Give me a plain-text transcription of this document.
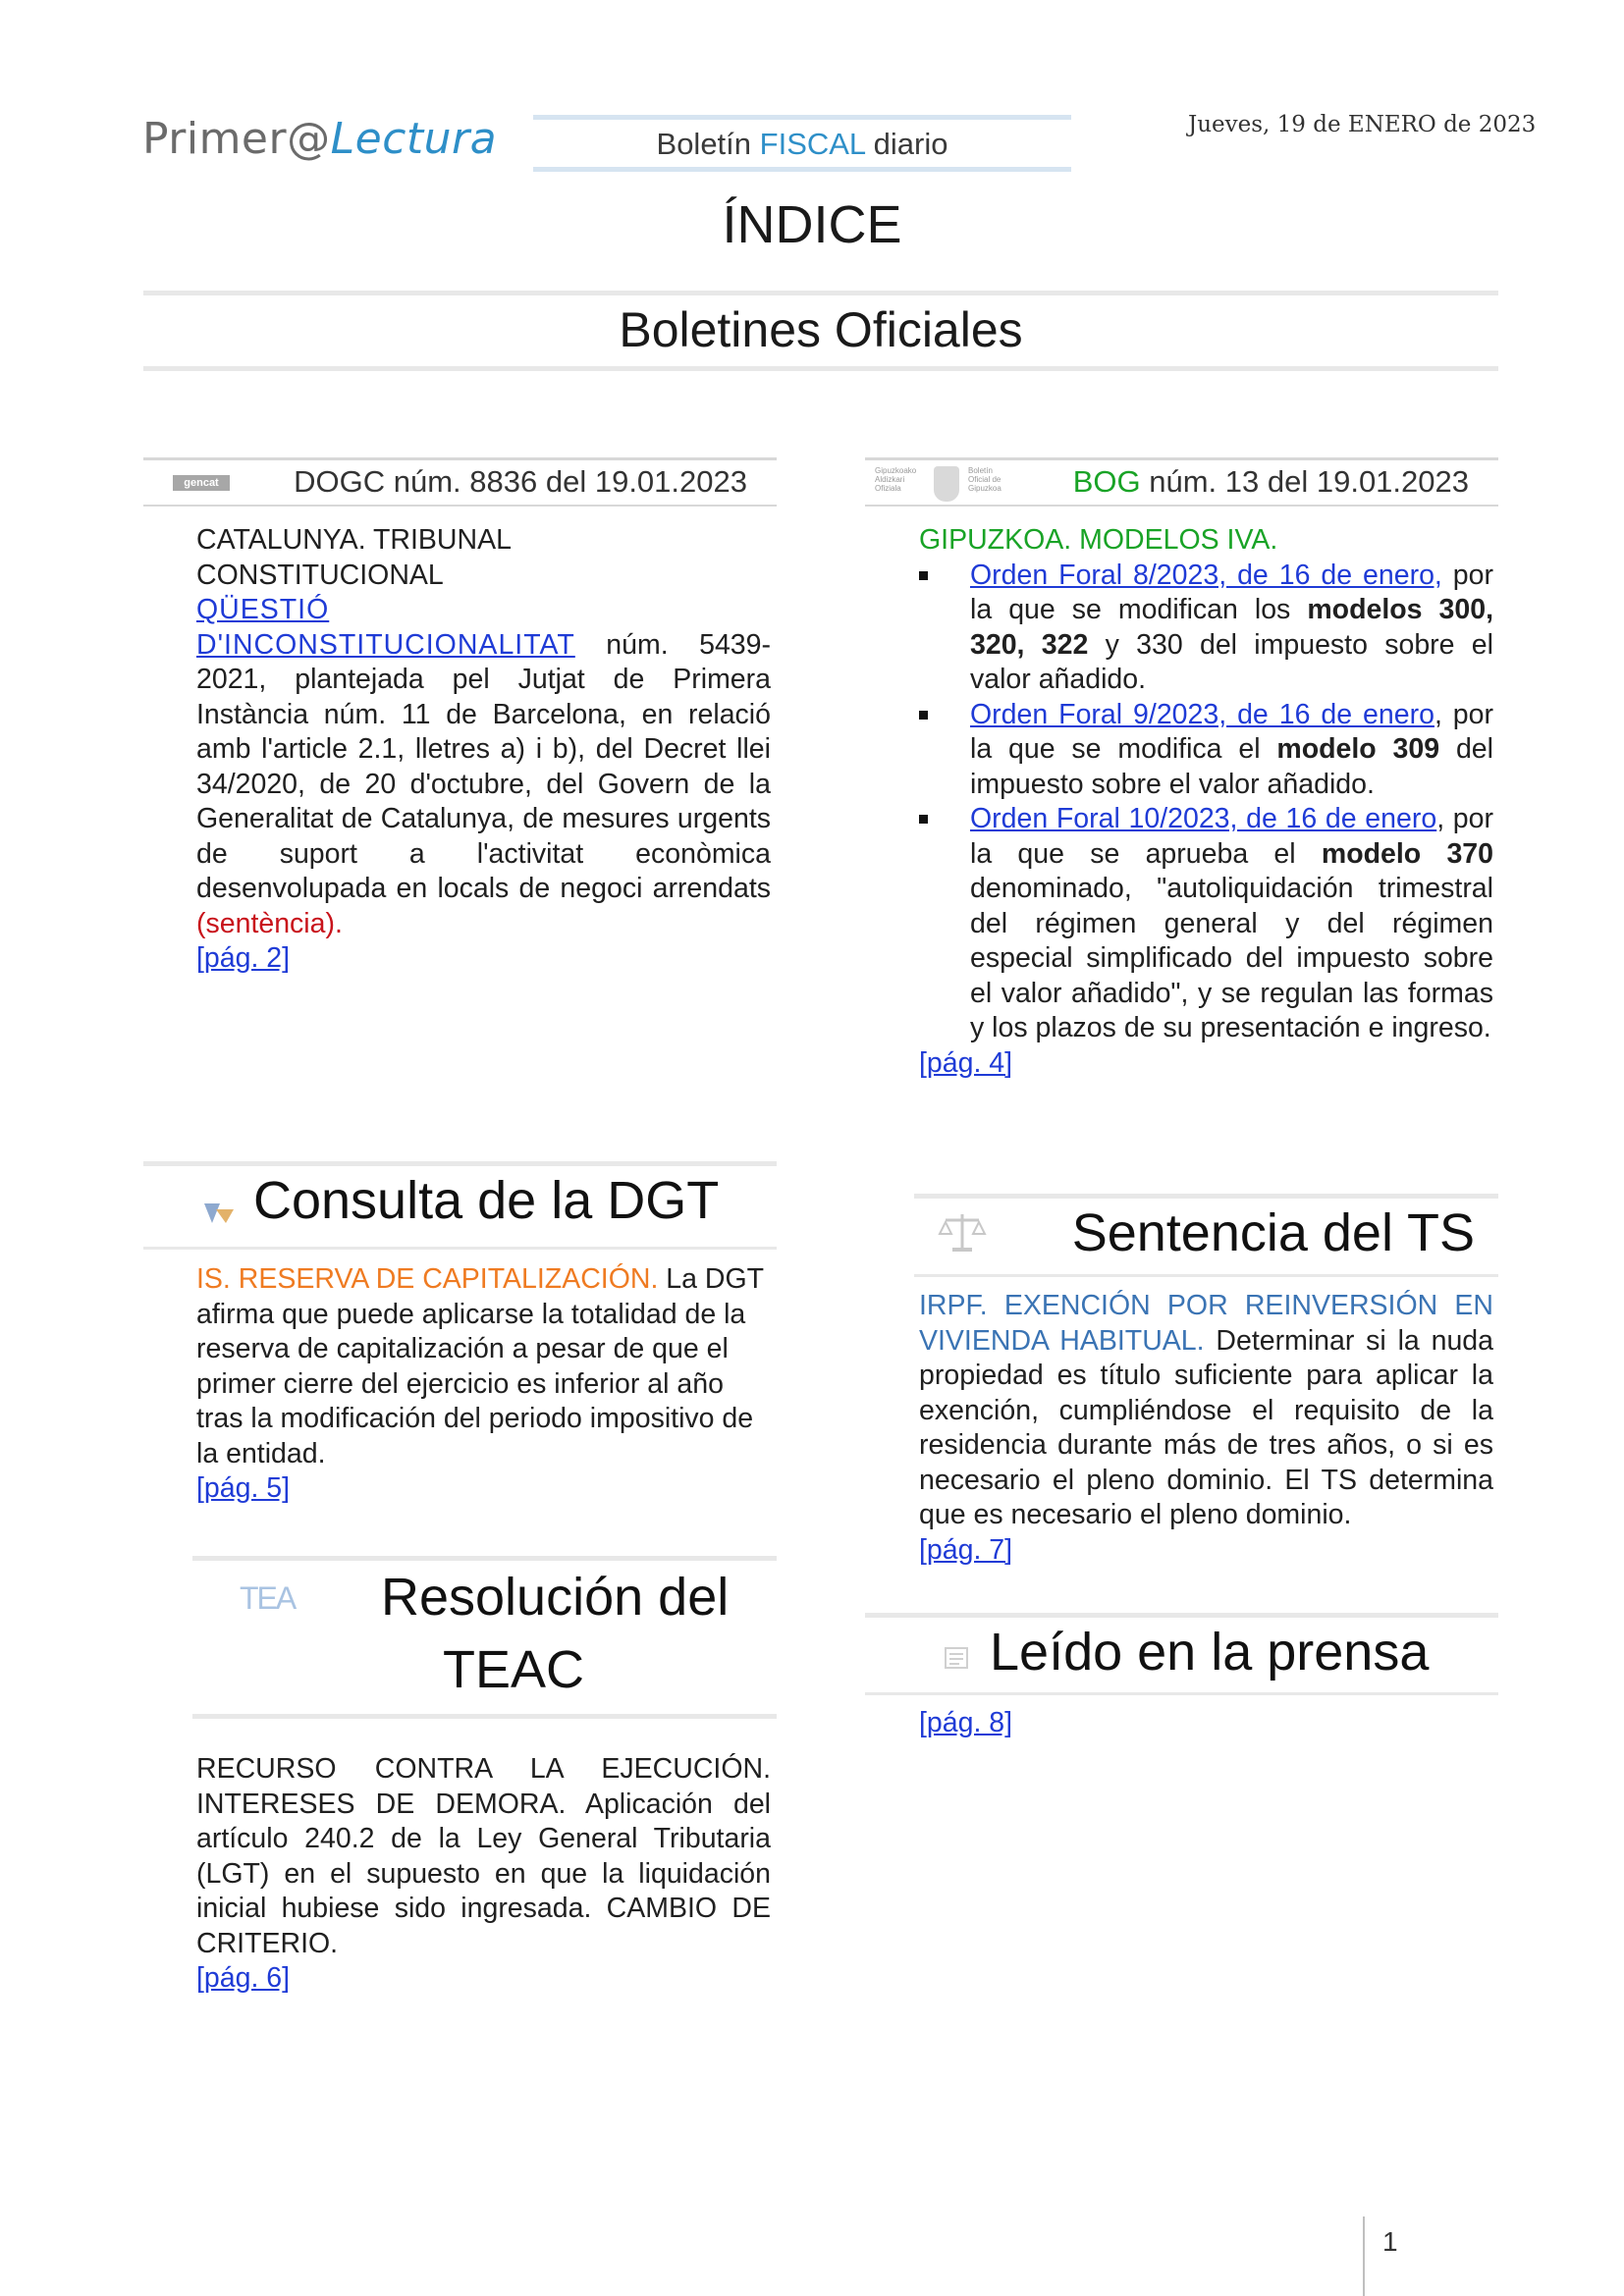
Primer@Lectura	Boletín FISCAL diario
Jueves, 19 de ENERO de 2023
ÍNDICE
Boletines Oficiales
gencat	DOGC núm. 8836 del 19.01.2023
CATALUNYA. TRIBUNAL CONSTITUCIONAL
QÜESTIÓ D'INCONSTITUCIONALITAT núm. 5439-2021, plantejada pel Jutjat de Primera Instància núm. 11 de Barcelona, en relació amb l'article 2.1, lletres a) i b), del Decret llei 34/2020, de 20 d'octubre, del Govern de la Generalitat de Catalunya, de mesures urgents de suport a l'activitat econòmica desenvolupada en locals de negoci arrendats (sentència).
[pág. 2]
Gipuzkoako Aldizkari Ofiziala
Boletín Oficial de Gipuzkoa	BOG núm. 13 del 19.01.2023
GIPUZKOA. MODELOS IVA.
Orden Foral 8/2023, de 16 de enero, por la que se modifican los modelos 300, 320, 322 y 330 del impuesto sobre el valor añadido.
Orden Foral 9/2023, de 16 de enero, por la que se modifica el modelo 309 del impuesto sobre el valor añadido.
Orden Foral 10/2023, de 16 de enero, por la que se aprueba el modelo 370 denominado, "autoliquidación trimestral del régimen general y del régimen especial simplificado del impuesto sobre el valor añadido", y se regulan las formas y los plazos de su presentación e ingreso.
[pág. 4]
Consulta de la DGT
IS. RESERVA DE CAPITALIZACIÓN. La DGT afirma que puede aplicarse la totalidad de la reserva de capitalización a pesar de que el primer cierre del ejercicio es inferior al año tras la modificación del periodo impositivo de la entidad.
[pág. 5]
Sentencia del TS
IRPF. EXENCIÓN POR REINVERSIÓN EN VIVIENDA HABITUAL. Determinar si la nuda propiedad es título suficiente para aplicar la exención, cumpliéndose el requisito de la residencia durante más de tres años, o si es necesario el pleno dominio. El TS determina que es necesario el pleno dominio.
[pág. 7]
TEA Resolución del
TEAC
RECURSO CONTRA LA EJECUCIÓN. INTERESES DE DEMORA. Aplicación del artículo 240.2 de la Ley General Tributaria (LGT) en el supuesto en que la liquidación inicial hubiese sido ingresada. CAMBIO DE CRITERIO.
[pág. 6]
Leído en la prensa
[pág. 8]
1
